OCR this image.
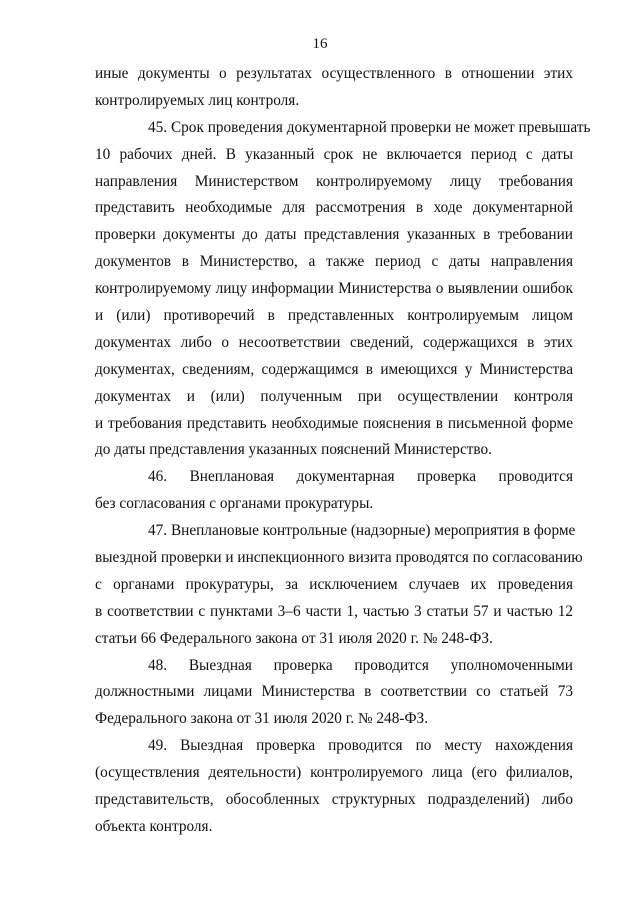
16
иные документы о результатах осуществленного в отношении этих
контролируемых лиц контроля.
45. Срок проведения документарной проверки не может превышать
10 рабочих дней. В указанный срок не включается период с даты
направления Министерством контролируемому лицу требования
представить необходимые для рассмотрения в ходе документарной
проверки документы до даты представления указанных в требовании
документов в Министерство, а также период с даты направления
контролируемому лицу информации Министерства о выявлении ошибок
и (или) противоречий в представленных контролируемым лицом
документах либо о несоответствии сведений, содержащихся в этих
документах, сведениям, содержащимся в имеющихся у Министерства
документах и (или) полученным при осуществлении контроля
и требования представить необходимые пояснения в письменной форме
до даты представления указанных пояснений Министерство.
46. Внеплановая документарная проверка проводится
без согласования с органами прокуратуры.
47. Внеплановые контрольные (надзорные) мероприятия в форме
выездной проверки и инспекционного визита проводятся по согласованию
с органами прокуратуры, за исключением случаев их проведения
в соответствии с пунктами 3–6 части 1, частью 3 статьи 57 и частью 12
статьи 66 Федерального закона от 31 июля 2020 г. № 248-ФЗ.
48. Выездная проверка проводится уполномоченными
должностными лицами Министерства в соответствии со статьей 73
Федерального закона от 31 июля 2020 г. № 248-ФЗ.
49. Выездная проверка проводится по месту нахождения
(осуществления деятельности) контролируемого лица (его филиалов,
представительств, обособленных структурных подразделений) либо
объекта контроля.
